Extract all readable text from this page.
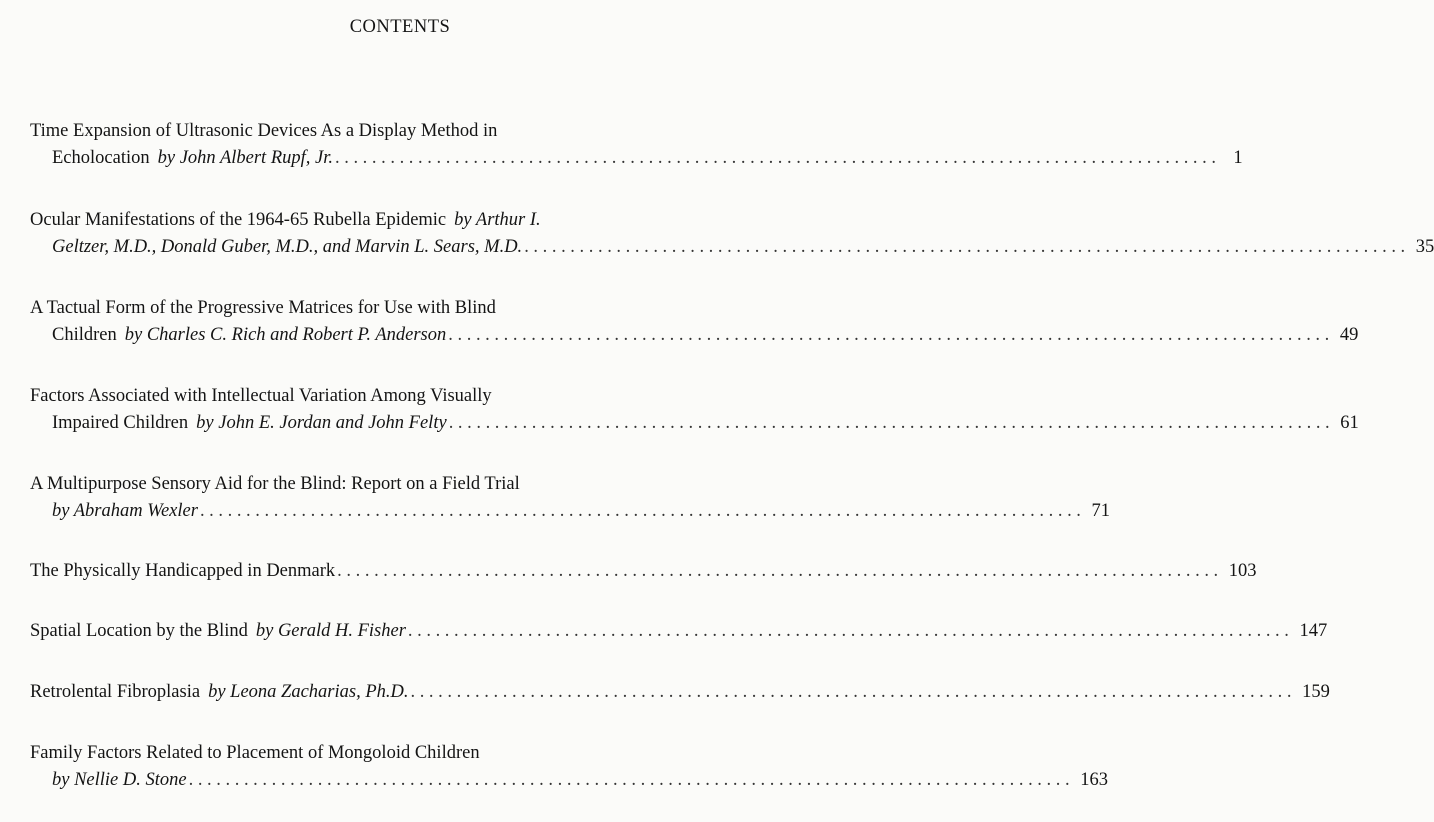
CONTENTS
Time Expansion of Ultrasonic Devices As a Display Method in
Echolocation by John Albert Rupf, Jr. ................................................................................................ 1
Ocular Manifestations of the 1964-65 Rubella Epidemic by Arthur I.
Geltzer, M.D., Donald Guber, M.D., and Marvin L. Sears, M.D. ................................................................................................ 35
A Tactual Form of the Progressive Matrices for Use with Blind
Children by Charles C. Rich and Robert P. Anderson ................................................................................................ 49
Factors Associated with Intellectual Variation Among Visually
Impaired Children by John E. Jordan and John Felty ................................................................................................ 61
A Multipurpose Sensory Aid for the Blind: Report on a Field Trial
by Abraham Wexler ................................................................................................ 71
The Physically Handicapped in Denmark ................................................................................................ 103
Spatial Location by the Blind by Gerald H. Fisher ................................................................................................ 147
Retrolental Fibroplasia by Leona Zacharias, Ph.D. ................................................................................................ 159
Family Factors Related to Placement of Mongoloid Children
by Nellie D. Stone ................................................................................................ 163
